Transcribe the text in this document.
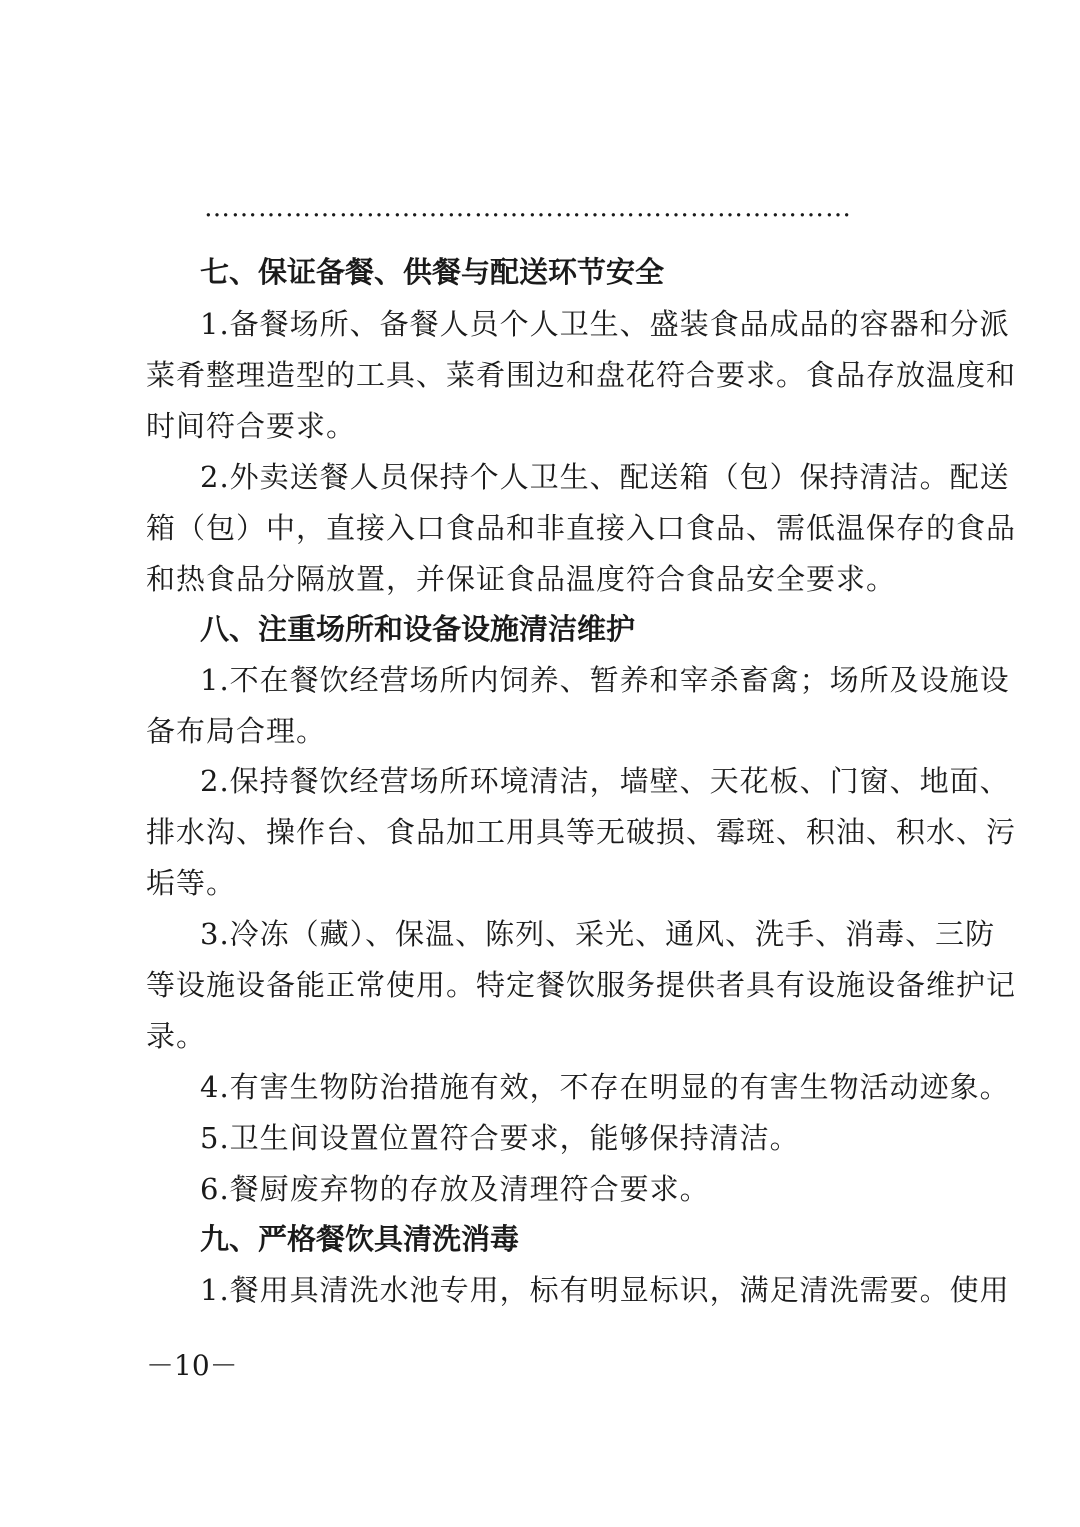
………………………………………………………………
七、保证备餐、供餐与配送环节安全
1.备餐场所、备餐人员个人卫生、盛装食品成品的容器和分派
菜肴整理造型的工具、菜肴围边和盘花符合要求。食品存放温度和
时间符合要求。
2.外卖送餐人员保持个人卫生、配送箱（包）保持清洁。配送
箱（包）中，直接入口食品和非直接入口食品、需低温保存的食品
和热食品分隔放置，并保证食品温度符合食品安全要求。
八、注重场所和设备设施清洁维护
1.不在餐饮经营场所内饲养、暂养和宰杀畜禽；场所及设施设
备布局合理。
2.保持餐饮经营场所环境清洁，墙壁、天花板、门窗、地面、
排水沟、操作台、食品加工用具等无破损、霉斑、积油、积水、污
垢等。
3.冷冻（藏）、保温、陈列、采光、通风、洗手、消毒、三防
等设施设备能正常使用。特定餐饮服务提供者具有设施设备维护记
录。
4.有害生物防治措施有效，不存在明显的有害生物活动迹象。
5.卫生间设置位置符合要求，能够保持清洁。
6.餐厨废弃物的存放及清理符合要求。
九、严格餐饮具清洗消毒
1.餐用具清洗水池专用，标有明显标识，满足清洗需要。使用
－10－
